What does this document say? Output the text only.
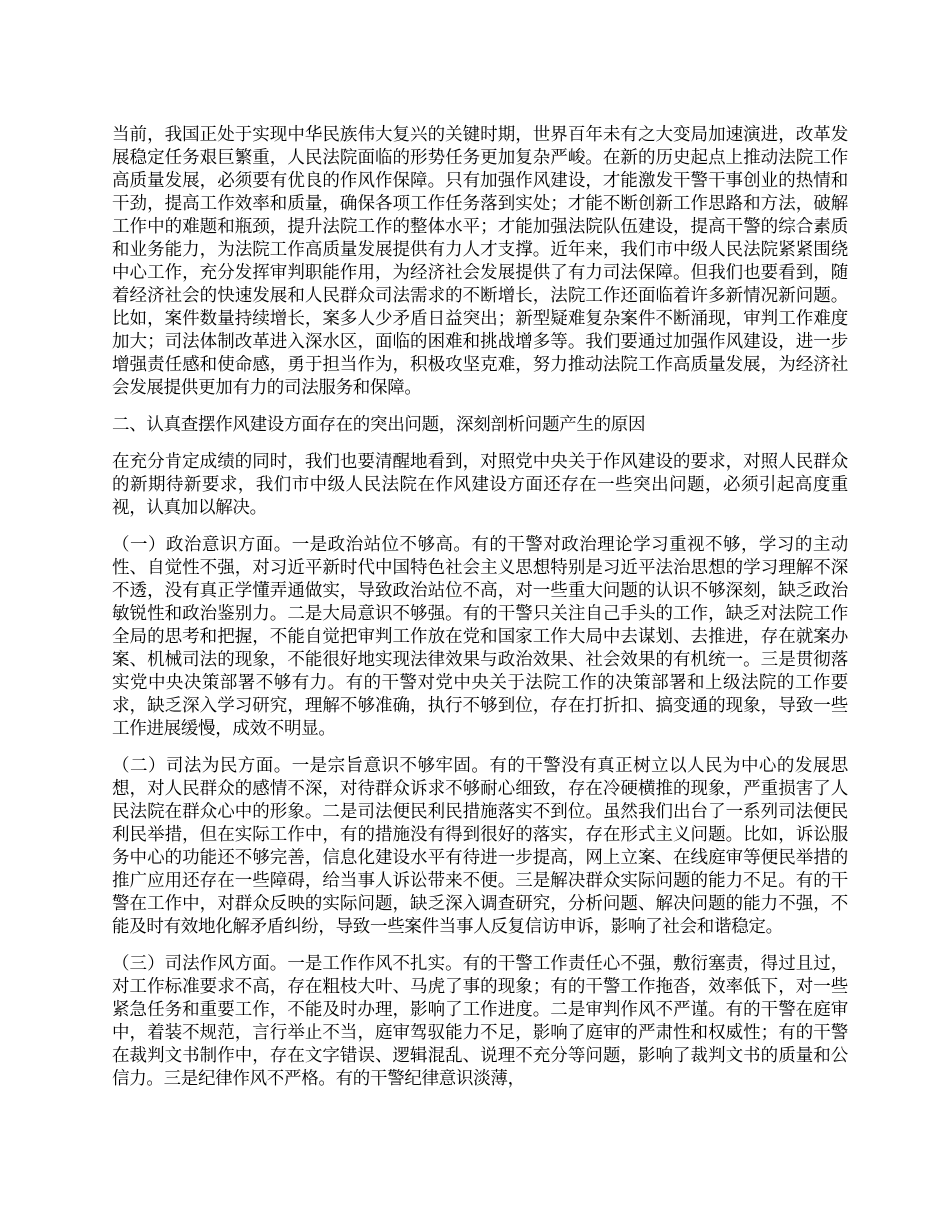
当前，我国正处于实现中华民族伟大复兴的关键时期，世界百年未有之大变局加速演进，改革发展稳定任务艰巨繁重，人民法院面临的形势任务更加复杂严峻。在新的历史起点上推动法院工作高质量发展，必须要有优良的作风作保障。只有加强作风建设，才能激发干警干事创业的热情和干劲，提高工作效率和质量，确保各项工作任务落到实处；才能不断创新工作思路和方法，破解工作中的难题和瓶颈，提升法院工作的整体水平；才能加强法院队伍建设，提高干警的综合素质和业务能力，为法院工作高质量发展提供有力人才支撑。近年来，我们市中级人民法院紧紧围绕中心工作，充分发挥审判职能作用，为经济社会发展提供了有力司法保障。但我们也要看到，随着经济社会的快速发展和人民群众司法需求的不断增长，法院工作还面临着许多新情况新问题。比如，案件数量持续增长，案多人少矛盾日益突出；新型疑难复杂案件不断涌现，审判工作难度加大；司法体制改革进入深水区，面临的困难和挑战增多等。我们要通过加强作风建设，进一步增强责任感和使命感，勇于担当作为，积极攻坚克难，努力推动法院工作高质量发展，为经济社会发展提供更加有力的司法服务和保障。

二、认真查摆作风建设方面存在的突出问题，深刻剖析问题产生的原因

在充分肯定成绩的同时，我们也要清醒地看到，对照党中央关于作风建设的要求，对照人民群众的新期待新要求，我们市中级人民法院在作风建设方面还存在一些突出问题，必须引起高度重视，认真加以解决。

（一）政治意识方面。一是政治站位不够高。有的干警对政治理论学习重视不够，学习的主动性、自觉性不强，对习近平新时代中国特色社会主义思想特别是习近平法治思想的学习理解不深不透，没有真正学懂弄通做实，导致政治站位不高，对一些重大问题的认识不够深刻，缺乏政治敏锐性和政治鉴别力。二是大局意识不够强。有的干警只关注自己手头的工作，缺乏对法院工作全局的思考和把握，不能自觉把审判工作放在党和国家工作大局中去谋划、去推进，存在就案办案、机械司法的现象，不能很好地实现法律效果与政治效果、社会效果的有机统一。三是贯彻落实党中央决策部署不够有力。有的干警对党中央关于法院工作的决策部署和上级法院的工作要求，缺乏深入学习研究，理解不够准确，执行不够到位，存在打折扣、搞变通的现象，导致一些工作进展缓慢，成效不明显。

（二）司法为民方面。一是宗旨意识不够牢固。有的干警没有真正树立以人民为中心的发展思想，对人民群众的感情不深，对待群众诉求不够耐心细致，存在冷硬横推的现象，严重损害了人民法院在群众心中的形象。二是司法便民利民措施落实不到位。虽然我们出台了一系列司法便民利民举措，但在实际工作中，有的措施没有得到很好的落实，存在形式主义问题。比如，诉讼服务中心的功能还不够完善，信息化建设水平有待进一步提高，网上立案、在线庭审等便民举措的推广应用还存在一些障碍，给当事人诉讼带来不便。三是解决群众实际问题的能力不足。有的干警在工作中，对群众反映的实际问题，缺乏深入调查研究，分析问题、解决问题的能力不强，不能及时有效地化解矛盾纠纷，导致一些案件当事人反复信访申诉，影响了社会和谐稳定。

（三）司法作风方面。一是工作作风不扎实。有的干警工作责任心不强，敷衍塞责，得过且过，对工作标准要求不高，存在粗枝大叶、马虎了事的现象；有的干警工作拖沓，效率低下，对一些紧急任务和重要工作，不能及时办理，影响了工作进度。二是审判作风不严谨。有的干警在庭审中，着装不规范，言行举止不当，庭审驾驭能力不足，影响了庭审的严肃性和权威性；有的干警在裁判文书制作中，存在文字错误、逻辑混乱、说理不充分等问题，影响了裁判文书的质量和公信力。三是纪律作风不严格。有的干警纪律意识淡薄，
